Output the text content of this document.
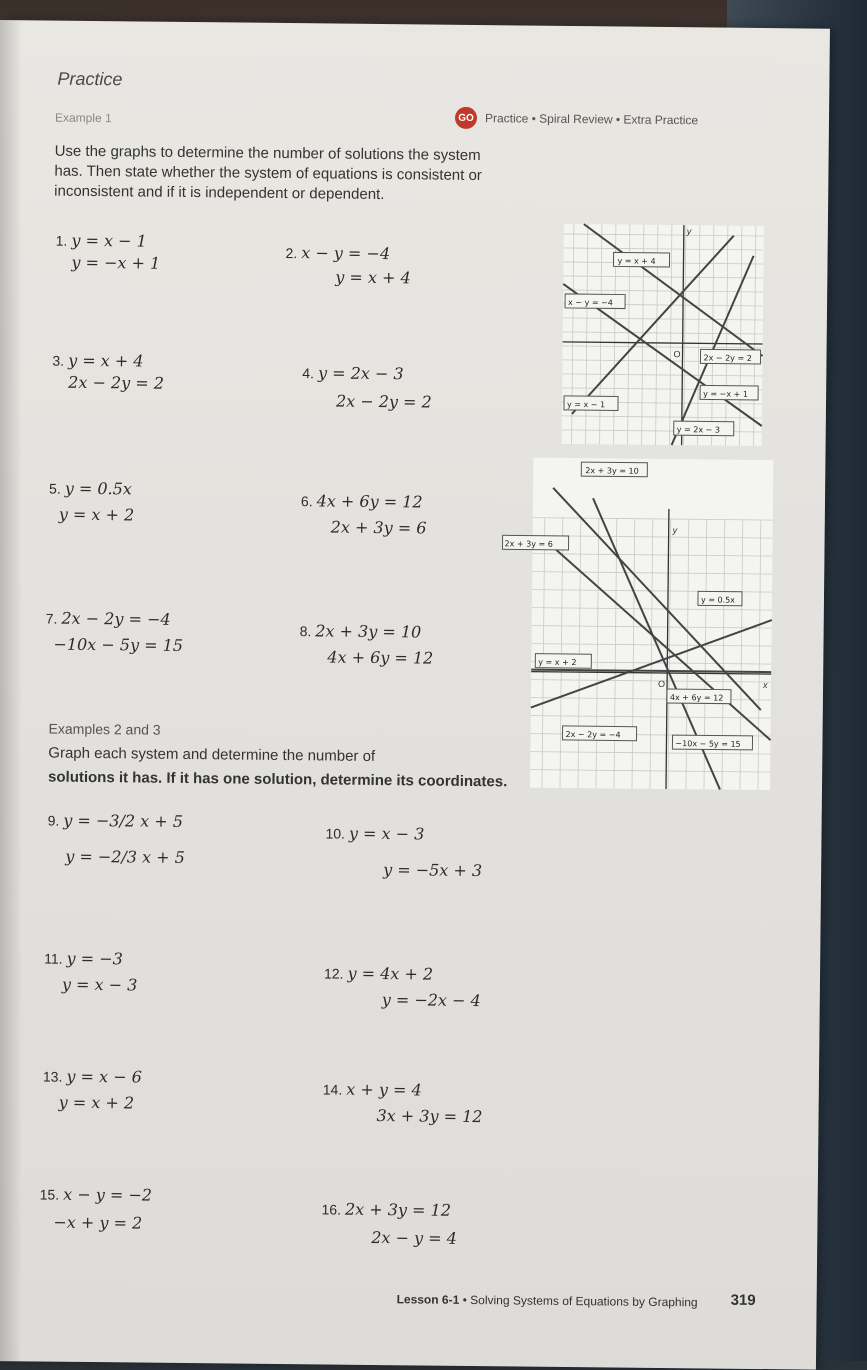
Practice
Example 1	GO Practice • Spiral Review • Extra Practice
Use the graphs to determine the number of solutions the system
has. Then state whether the system of equations is consistent or
inconsistent and if it is independent or dependent.
1. y = x − 1
y = −x + 1	2. x − y = −4
y = x + 4
3. y = x + 4
2x − 2y = 2	4. y = 2x − 3
2x − 2y = 2
5. y = 0.5x
y = x + 2
6. 4x + 6y = 12
2x + 3y = 6
7. 2x − 2y = −4
−10x − 5y = 15
8. 2x + 3y = 10
4x + 6y = 12
O
y
y = x + 4
x − y = −4
2x − 2y = 2
y = −x + 1
y = x − 1
y = 2x − 3
O
y
x
2x + 3y = 10
2x + 3y = 6
y = 0.5x
y = x + 2
4x + 6y = 12
2x − 2y = −4
−10x − 5y = 15
Examples 2 and 3
Graph each system and determine the number of
solutions it has. If it has one solution, determine its coordinates.
9. y = −3/2 x + 5
y = −2/3 x + 5
10. y = x − 3
y = −5x + 3
11. y = −3
y = x − 3
12. y = 4x + 2
y = −2x − 4
13. y = x − 6
y = x + 2
14. x + y = 4
3x + 3y = 12
15. x − y = −2
−x + y = 2
16. 2x + 3y = 12
2x − y = 4
Lesson 6-1 • Solving Systems of Equations by Graphing 319
